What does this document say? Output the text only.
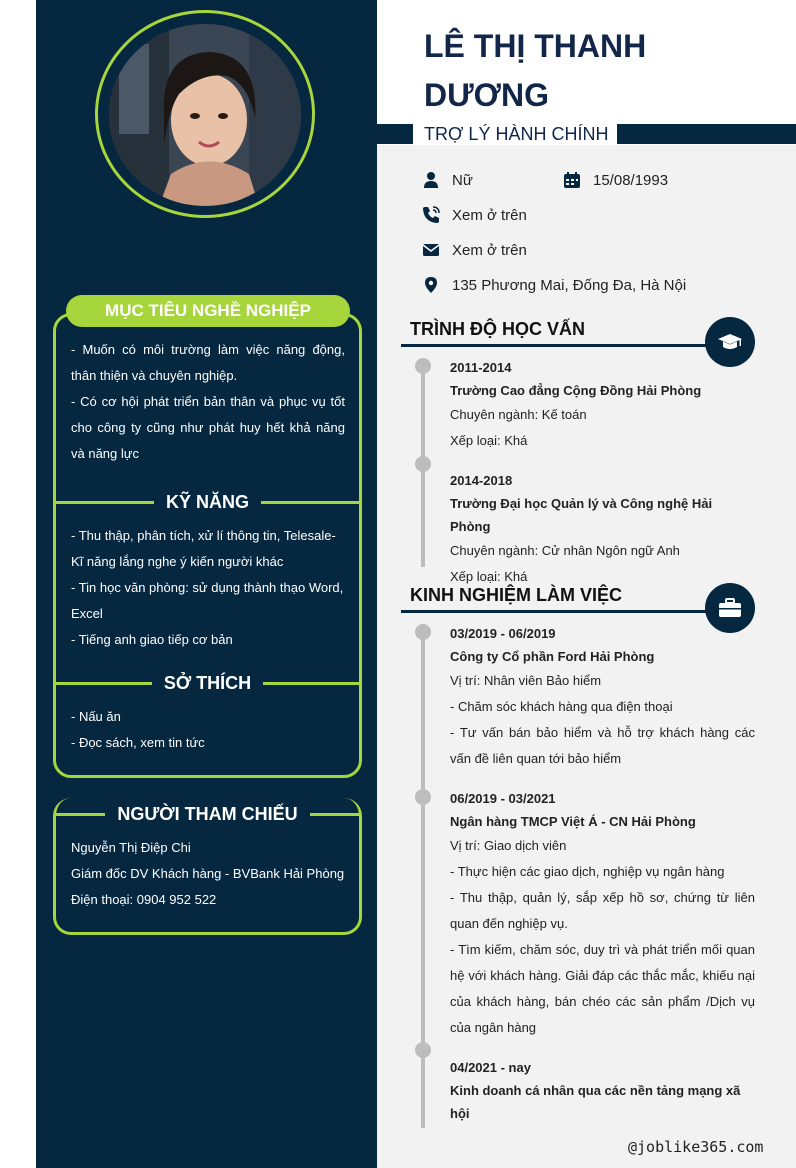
MỤC TIÊU NGHỀ NGHIỆP

- Muốn có môi trường làm việc năng động, thân thiện và chuyên nghiệp.

- Có cơ hội phát triển bản thân và phục vụ tốt cho công ty cũng như phát huy hết khả năng và năng lực

KỸ NĂNG

- Thu thập, phân tích, xử lí thông tin, Telesale- Kĩ năng lắng nghe ý kiến người khác

- Tin học văn phòng: sử dụng thành thạo Word, Excel

- Tiếng anh giao tiếp cơ bản

SỞ THÍCH

- Nấu ăn

- Đọc sách, xem tin tức

NGƯỜI THAM CHIẾU

Nguyễn Thị Điệp Chi

Giám đốc DV Khách hàng - BVBank Hải Phòng

Điện thoại: 0904 952 522

LÊ THỊ THANH
DƯƠNG
TRỢ LÝ HÀNH CHÍNH
Nữ	15/08/1993
Xem ở trên
Xem ở trên
135 Phương Mai, Đống Đa, Hà Nội
TRÌNH ĐỘ HỌC VẤN
2011-2014
Trường Cao đẳng Cộng Đồng Hải Phòng
Chuyên ngành: Kế toán
Xếp loại: Khá
2014-2018
Trường Đại học Quản lý và Công nghệ Hải Phòng
Chuyên ngành: Cử nhân Ngôn ngữ Anh
Xếp loại: Khá
KINH NGHIỆM LÀM VIỆC
03/2019 - 06/2019
Công ty Cổ phần Ford Hải Phòng
Vị trí: Nhân viên Bảo hiểm
- Chăm sóc khách hàng qua điện thoại
- Tư vấn bán bảo hiểm và hỗ trợ khách hàng các vấn đề liên quan tới bảo hiểm
06/2019 - 03/2021
Ngân hàng TMCP Việt Á - CN Hải Phòng
Vị trí: Giao dịch viên
- Thực hiện các giao dịch, nghiệp vụ ngân hàng
- Thu thập, quản lý, sắp xếp hồ sơ, chứng từ liên quan đến nghiệp vụ.
- Tìm kiếm, chăm sóc, duy trì và phát triển mối quan hệ với khách hàng. Giải đáp các thắc mắc, khiếu nại của khách hàng, bán chéo các sản phẩm /Dịch vụ của ngân hàng
04/2021 - nay
Kinh doanh cá nhân qua các nền tảng mạng xã hội
@joblike365.com
